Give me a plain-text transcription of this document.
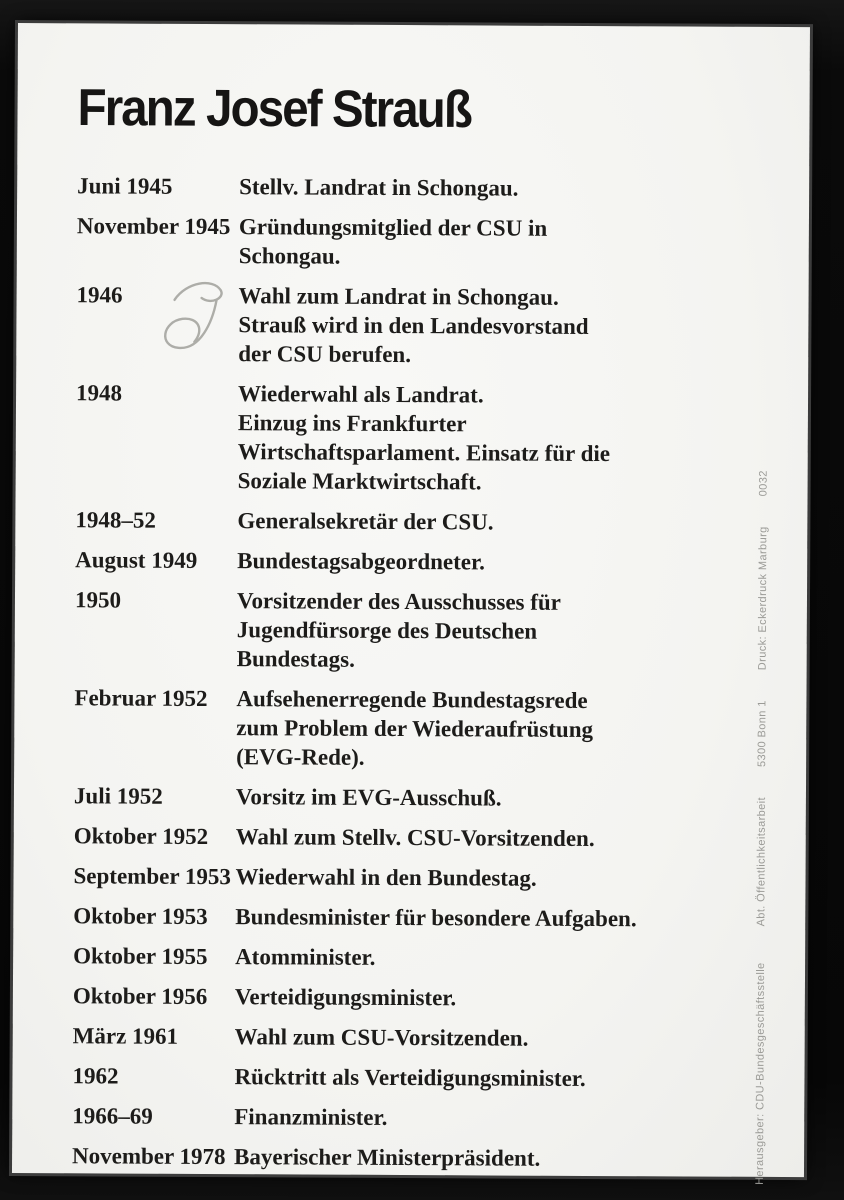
Franz Josef Strauß
Juni 1945	Stellv. Landrat in Schongau.
November 1945 Gründungsmitglied der CSU in
Schongau.
1946	Wahl zum Landrat in Schongau.
Strauß wird in den Landesvorstand
der CSU berufen.
1948	Wiederwahl als Landrat.
Einzug ins Frankfurter
Wirtschaftsparlament. Einsatz für die
Soziale Marktwirtschaft.
1948–52	Generalsekretär der CSU.
August 1949	Bundestagsabgeordneter.
1950	Vorsitzender des Ausschusses für
Jugendfürsorge des Deutschen
Bundestags.
Februar 1952	Aufsehenerregende Bundestagsrede
zum Problem der Wiederaufrüstung
(EVG-Rede).
Juli 1952	Vorsitz im EVG-Ausschuß.
Oktober 1952	Wahl zum Stellv. CSU-Vorsitzenden.
September 1953 Wiederwahl in den Bundestag.
Oktober 1953	Bundesminister für besondere Aufgaben.
Oktober 1955	Atomminister.
Oktober 1956	Verteidigungsminister.
März 1961	Wahl zum CSU-Vorsitzenden.
1962	Rücktritt als Verteidigungsminister.
1966–69	Finanzminister.
November 1978 Bayerischer Ministerpräsident.	Herausgeber: CDU-Bundesgeschäftsstelle
Abt. Öffentlichkeitsarbeit
5300 Bonn 1
Druck: Eckerdruck Marburg
0032
